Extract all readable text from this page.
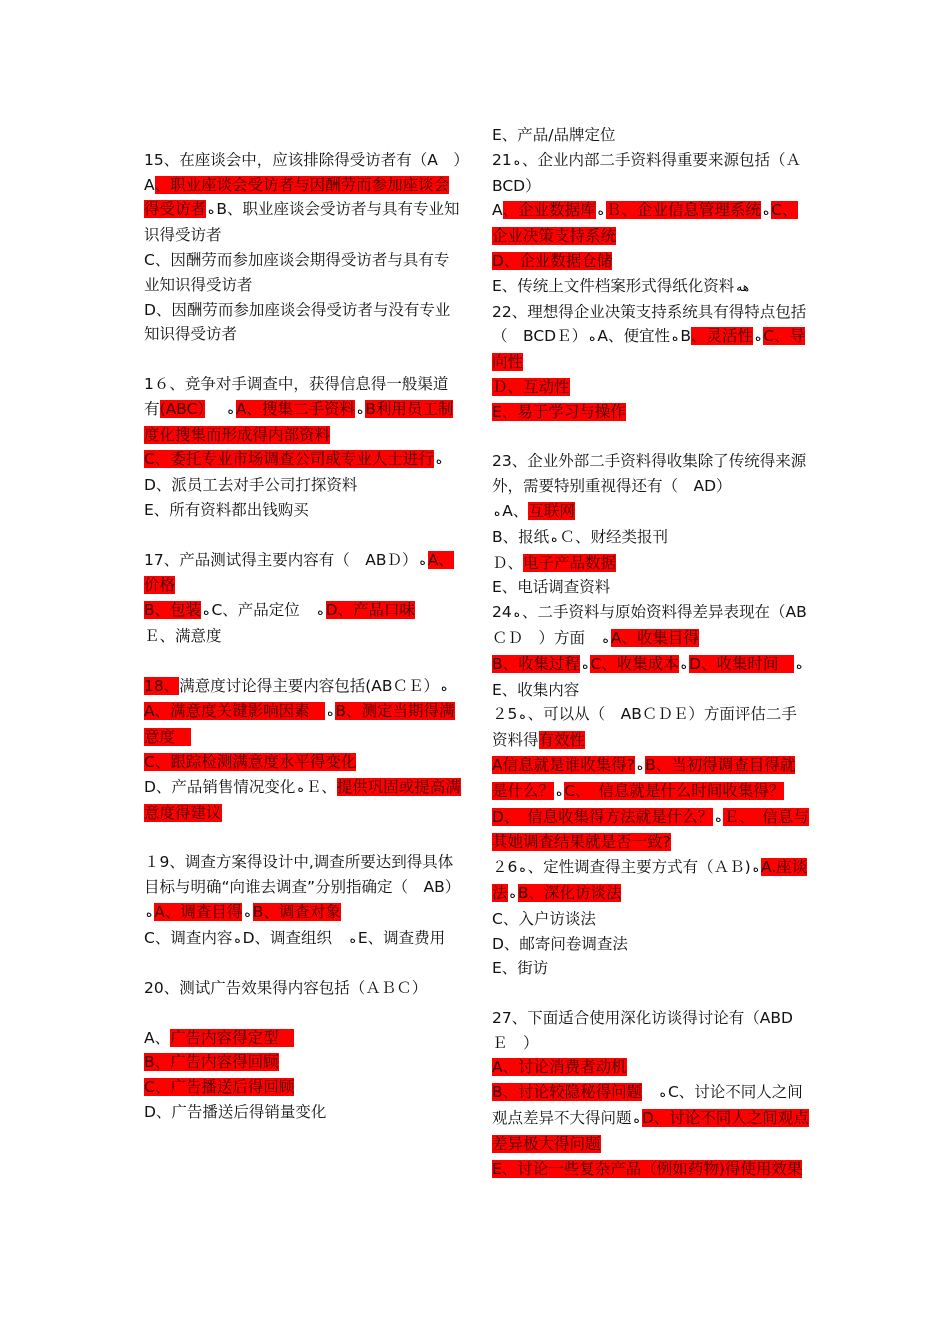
15、在座谈会中，应该排除得受访者有（A　）

A、职业座谈会受访者与因酬劳而参加座谈会得受访者 ه B、职业座谈会受访者与具有专业知识得受访者

C、因酬劳而参加座谈会期得受访者与具有专业知识得受访者

D、因酬劳而参加座谈会得受访者与没有专业知识得受访者

1６、竞争对手调查中，获得信息得一般渠道有(ABC）　 ه A、搜集二手资料 ه B利用员工制度化搜集而形成得内部资料

C、委托专业市场调查公司或专业人士进行 هD、派员工去对手公司打探资料

E、所有资料都出钱购买

17、产品测试得主要内容有（　ABＤ） ه A、价格

B、包装 ه C、产品定位　ه D、产品口味

Ｅ、满意度

18、满意度讨论得主要内容包括(ABＣＥ） هA、满意度关键影响因素　ه B、测定当期得满意度　

C、跟踪检测满意度水平得变化

D、产品销售情况变化 ه Ｅ、提供巩固或提高满意度得建议

１9、调查方案得设计中,调查所要达到得具体目标与明确“向谁去调查”分别指确定（　AB）　ه A、调查目得 ه B、调查对象

C、调查内容 ه D、调查组织　ه E、调查费用

20、测试广告效果得内容包括（ＡＢＣ）

A、广告内容得定型　

B、广告内容得回顾

C、广告播送后得回顾

D、广告播送后得销量变化

E、产品/品牌定位

21 ه 、企业内部二手资料得重要来源包括（ＡBCD）

A、企业数据库 ه Ｂ、企业信息管理系统 ه C、企业决策支持系统

D、企业数据仓储

E、传统上文件档案形式得纸化资料 هه

22、理想得企业决策支持系统具有得特点包括（　BCDＥ） ه A、便宜性 ه B、灵活性 ه C、导向性

Ｄ、互动性

E、易于学习与操作

23、企业外部二手资料得收集除了传统得来源外，需要特别重视得还有（　AD）

ه A、互联网

B、报纸 ه Ｃ、财经类报刊

Ｄ、电子产品数据

E、电话调查资料

24 ه 、二手资料与原始资料得差异表现在（ABＣＤ　）方面　ه A、收集目得

B、收集过程 ه C、收集成本 ه D、收集时间　هE、收集内容

２5 ه 、可以从（　ABＣＤＥ）方面评估二手资料得有效性

A信息就是谁收集得? ه B、当初得调查目得就是什么？ ه C、　信息就是什么时间收集得？

D、　信息收集得方法就是什么？ ه Ｅ、　信息与其她调查结果就是否一致?

２6 ه 、定性调查得主要方式有（ＡＢ) ه A.座谈法 ه B、深化访谈法

C、入户访谈法

D、邮寄问卷调查法

E、街访

27、下面适合使用深化访谈得讨论有（ABDＥ　）

A、讨论消费者动机

B、讨论较隐秘得问题　 ه C、讨论不同人之间观点差异不大得问题 ه D、讨论不同人之间观点差异极大得问题

E、讨论一些复杂产品（例如药物)得使用效果
